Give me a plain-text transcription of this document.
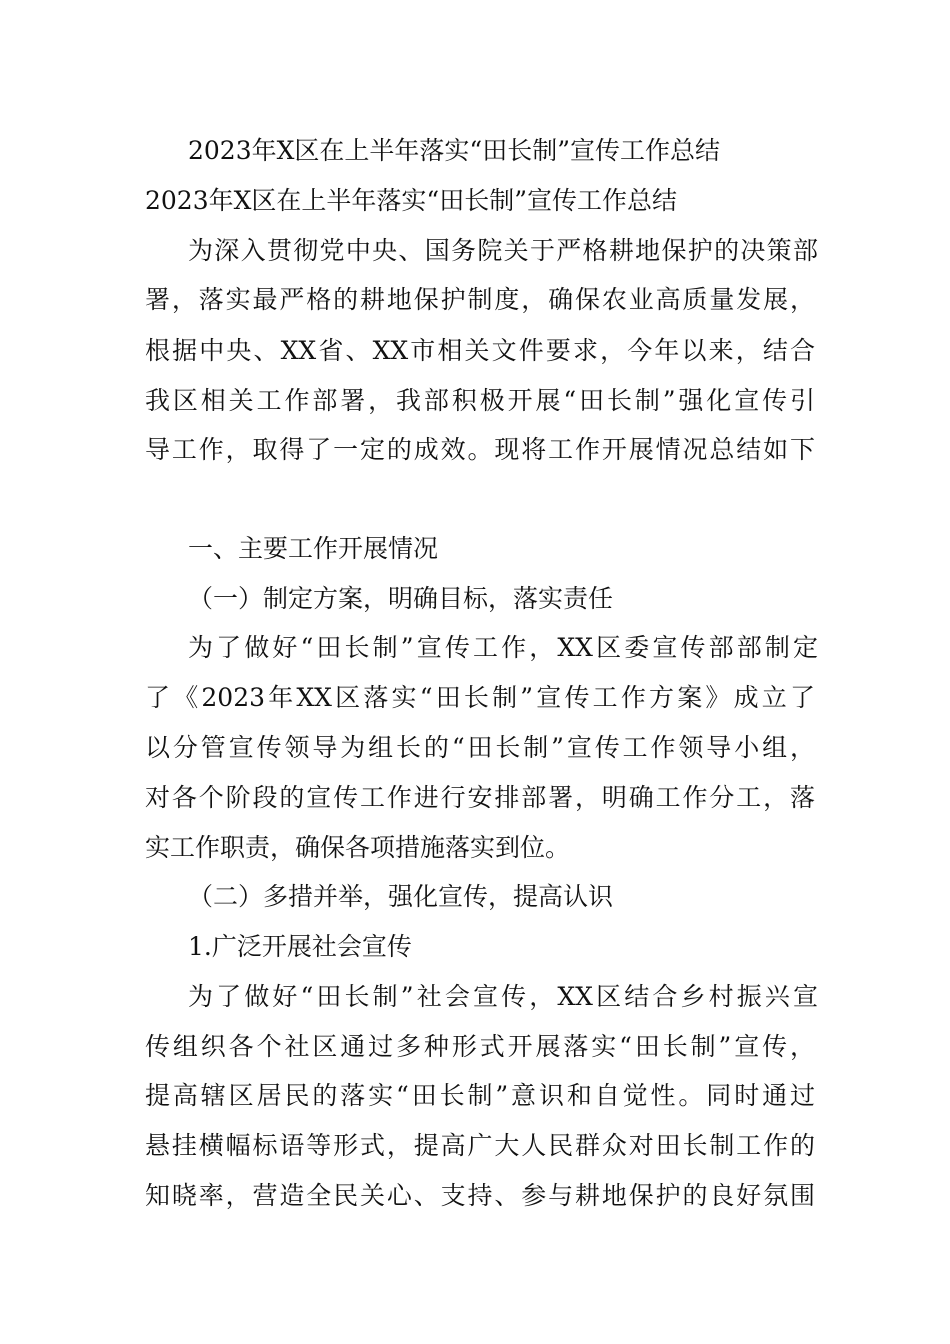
2023年X区在上半年落实“田长制”宣传工作总结
2023年X区在上半年落实“田长制”宣传工作总结
为深入贯彻党中央、国务院关于严格耕地保护的决策部
署，落实最严格的耕地保护制度，确保农业高质量发展，
根据中央、XX省、XX市相关文件要求，今年以来，结合
我区相关工作部署，我部积极开展“田长制”强化宣传引
导工作，取得了一定的成效。现将工作开展情况总结如下
一、主要工作开展情况
（一）制定方案，明确目标，落实责任
为了做好“田长制”宣传工作，XX区委宣传部部制定
了《2023年XX区落实“田长制”宣传工作方案》成立了
以分管宣传领导为组长的“田长制”宣传工作领导小组，
对各个阶段的宣传工作进行安排部署，明确工作分工，落
实工作职责，确保各项措施落实到位。
（二）多措并举，强化宣传，提高认识
1.广泛开展社会宣传
为了做好“田长制”社会宣传，XX区结合乡村振兴宣
传组织各个社区通过多种形式开展落实“田长制”宣传，
提高辖区居民的落实“田长制”意识和自觉性。同时通过
悬挂横幅标语等形式，提高广大人民群众对田长制工作的
知晓率，营造全民关心、支持、参与耕地保护的良好氛围
